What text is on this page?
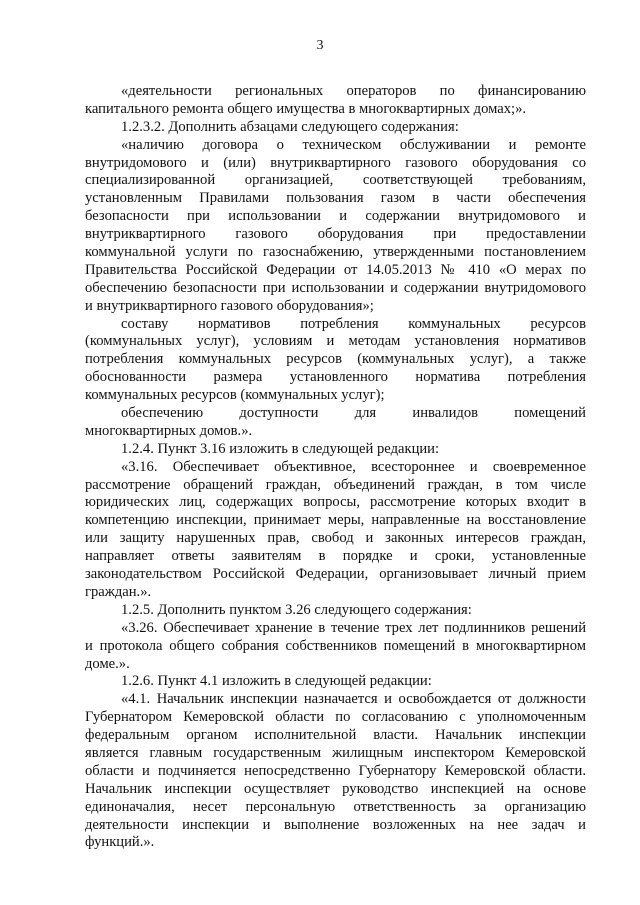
3
«деятельности региональных операторов по финансированию
капитального ремонта общего имущества в многоквартирных домах;».
1.2.3.2. Дополнить абзацами следующего содержания:
«наличию договора о техническом обслуживании и ремонте
внутридомового и (или) внутриквартирного газового оборудования со
специализированной организацией, соответствующей требованиям,
установленным Правилами пользования газом в части обеспечения
безопасности при использовании и содержании внутридомового и
внутриквартирного газового оборудования при предоставлении
коммунальной услуги по газоснабжению, утвержденными постановлением
Правительства Российской Федерации от 14.05.2013 № 410 «О мерах по
обеспечению безопасности при использовании и содержании внутридомового
и внутриквартирного газового оборудования»;
составу нормативов потребления коммунальных ресурсов
(коммунальных услуг), условиям и методам установления нормативов
потребления коммунальных ресурсов (коммунальных услуг), а также
обоснованности размера установленного норматива потребления
коммунальных ресурсов (коммунальных услуг);
обеспечению доступности для инвалидов помещений
многоквартирных домов.».
1.2.4. Пункт 3.16 изложить в следующей редакции:
«3.16. Обеспечивает объективное, всестороннее и своевременное
рассмотрение обращений граждан, объединений граждан, в том числе
юридических лиц, содержащих вопросы, рассмотрение которых входит в
компетенцию инспекции, принимает меры, направленные на восстановление
или защиту нарушенных прав, свобод и законных интересов граждан,
направляет ответы заявителям в порядке и сроки, установленные
законодательством Российской Федерации, организовывает личный прием
граждан.».
1.2.5. Дополнить пунктом 3.26 следующего содержания:
«3.26. Обеспечивает хранение в течение трех лет подлинников решений
и протокола общего собрания собственников помещений в многоквартирном
доме.».
1.2.6. Пункт 4.1 изложить в следующей редакции:
«4.1. Начальник инспекции назначается и освобождается от должности
Губернатором Кемеровской области по согласованию с уполномоченным
федеральным органом исполнительной власти. Начальник инспекции
является главным государственным жилищным инспектором Кемеровской
области и подчиняется непосредственно Губернатору Кемеровской области.
Начальник инспекции осуществляет руководство инспекцией на основе
единоначалия, несет персональную ответственность за организацию
деятельности инспекции и выполнение возложенных на нее задач и
функций.».
